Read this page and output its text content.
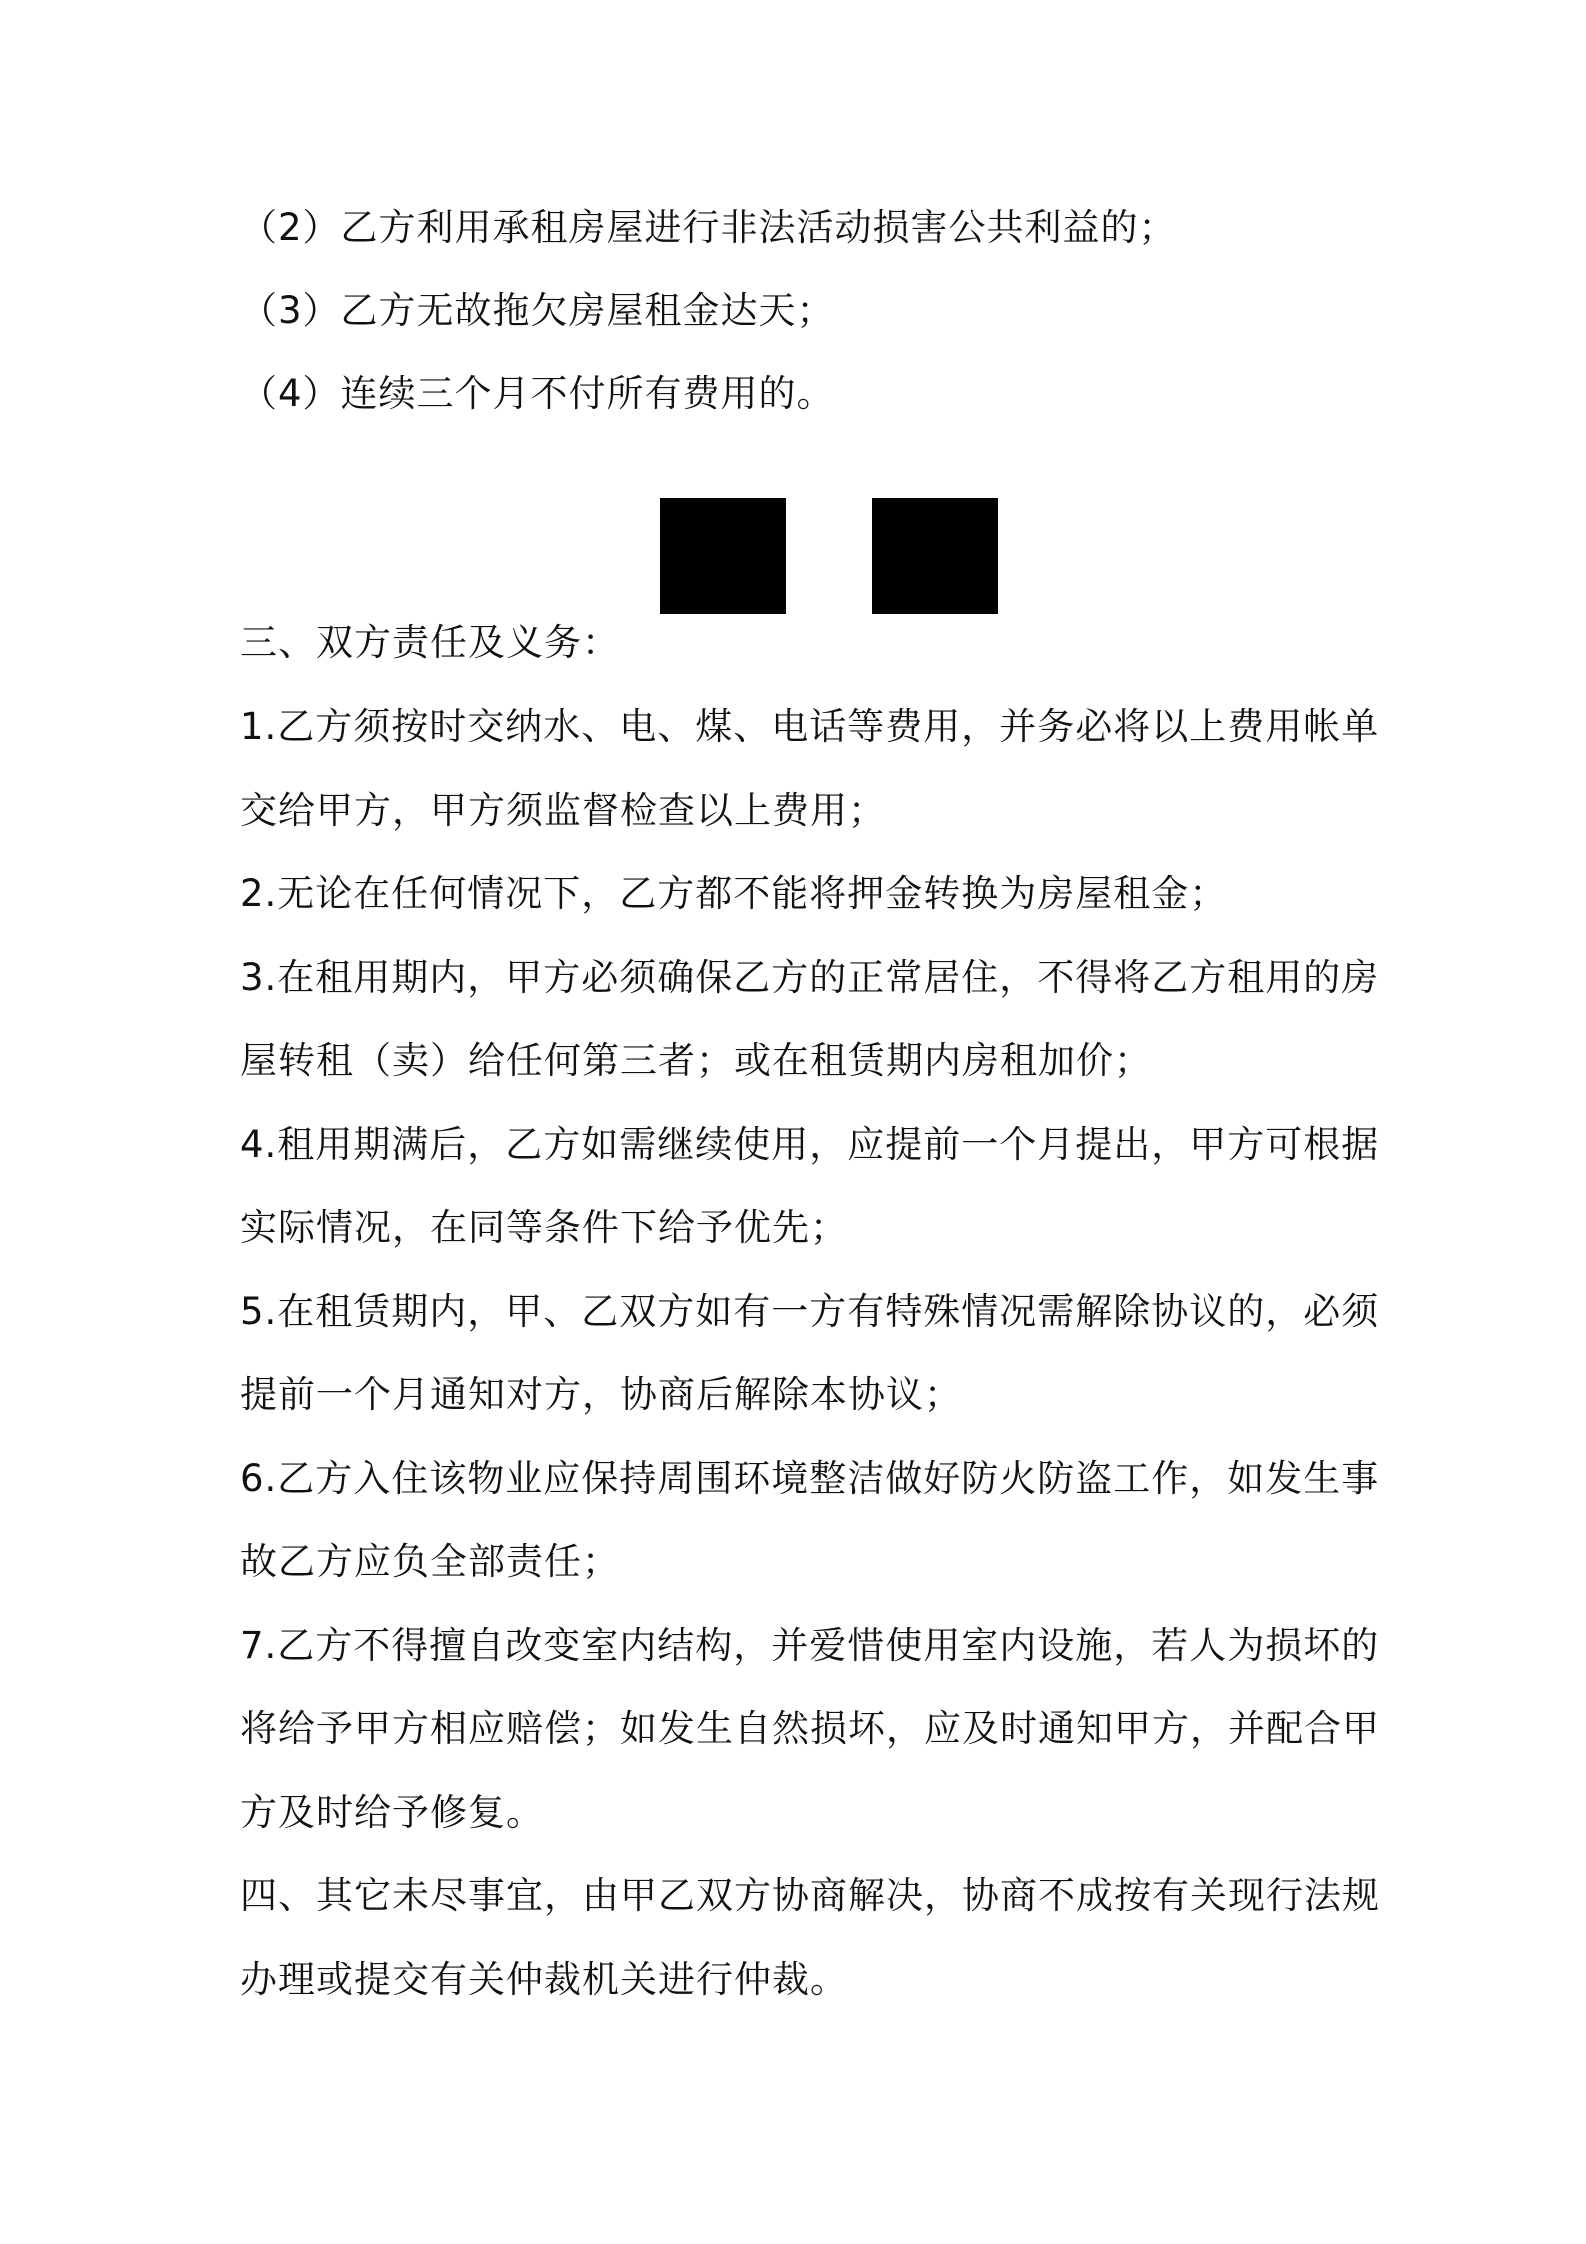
（2）乙方利用承租房屋进行非法活动损害公共利益的；
（3）乙方无故拖欠房屋租金达天；
（4）连续三个月不付所有费用的。
三、双方责任及义务：
1.乙方须按时交纳水、电、煤、电话等费用，并务必将以上费用帐单
交给甲方，甲方须监督检查以上费用；
2.无论在任何情况下，乙方都不能将押金转换为房屋租金；
3.在租用期内，甲方必须确保乙方的正常居住，不得将乙方租用的房
屋转租（卖）给任何第三者；或在租赁期内房租加价；
4.租用期满后，乙方如需继续使用，应提前一个月提出，甲方可根据
实际情况，在同等条件下给予优先；
5.在租赁期内，甲、乙双方如有一方有特殊情况需解除协议的，必须
提前一个月通知对方，协商后解除本协议；
6.乙方入住该物业应保持周围环境整洁做好防火防盗工作，如发生事
故乙方应负全部责任；
7.乙方不得擅自改变室内结构，并爱惜使用室内设施，若人为损坏的
将给予甲方相应赔偿；如发生自然损坏，应及时通知甲方，并配合甲
方及时给予修复。
四、其它未尽事宜，由甲乙双方协商解决，协商不成按有关现行法规
办理或提交有关仲裁机关进行仲裁。
